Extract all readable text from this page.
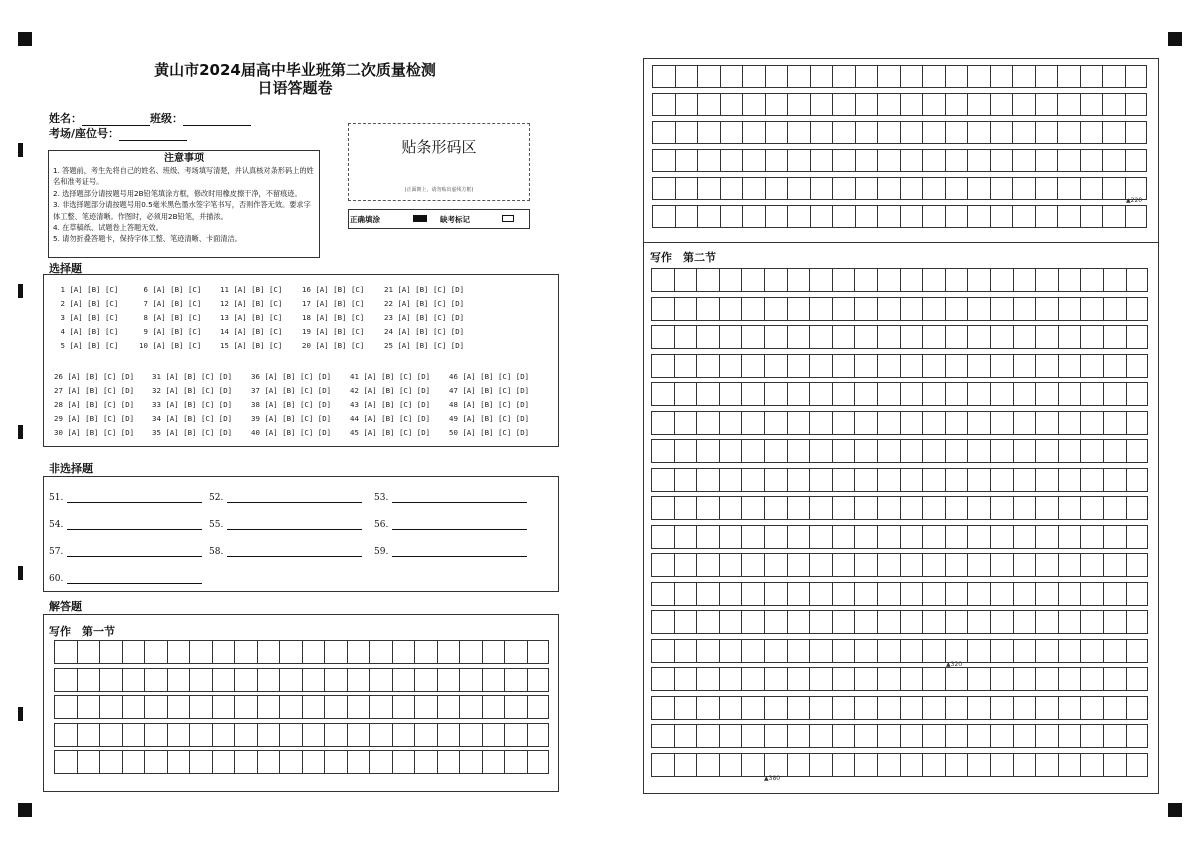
黄山市2024届高中毕业班第二次质量检测
日语答题卷
姓名：	班级：
考场/座位号：
注意事项
1. 答题前，考生先将自己的姓名、班级、考场填写清楚，并认真核对条形码上的姓名和准考证号。
2. 选择题部分请按题号用2B铅笔填涂方框，修改时用橡皮擦干净，不留痕迹。
3. 非选择题部分请按题号用0.5毫米黑色墨水签字笔书写，否则作答无效。要求字体工整、笔迹清晰。作图时，必须用2B铅笔，并描浓。
4. 在草稿纸、试题卷上答题无效。
5. 请勿折叠答题卡，保持字体工整、笔迹清晰、卡面清洁。
贴条形码区
(正面朝上，请勿贴出虚线方框)
正确填涂	缺考标记
选择题
1 [A] [B] [C]
2 [A] [B] [C]
3 [A] [B] [C]
4 [A] [B] [C]
5 [A] [B] [C]
6 [A] [B] [C]
7 [A] [B] [C]
8 [A] [B] [C]
9 [A] [B] [C]
10 [A] [B] [C]
11 [A] [B] [C]
12 [A] [B] [C]
13 [A] [B] [C]
14 [A] [B] [C]
15 [A] [B] [C]
16 [A] [B] [C]
17 [A] [B] [C]
18 [A] [B] [C]
19 [A] [B] [C]
20 [A] [B] [C]
21 [A] [B] [C] [D]
22 [A] [B] [C] [D]
23 [A] [B] [C] [D]
24 [A] [B] [C] [D]
25 [A] [B] [C] [D]
26 [A] [B] [C] [D]
27 [A] [B] [C] [D]
28 [A] [B] [C] [D]
29 [A] [B] [C] [D]
30 [A] [B] [C] [D]
31 [A] [B] [C] [D]
32 [A] [B] [C] [D]
33 [A] [B] [C] [D]
34 [A] [B] [C] [D]
35 [A] [B] [C] [D]
36 [A] [B] [C] [D]
37 [A] [B] [C] [D]
38 [A] [B] [C] [D]
39 [A] [B] [C] [D]
40 [A] [B] [C] [D]
41 [A] [B] [C] [D]
42 [A] [B] [C] [D]
43 [A] [B] [C] [D]
44 [A] [B] [C] [D]
45 [A] [B] [C] [D]
46 [A] [B] [C] [D]
47 [A] [B] [C] [D]
48 [A] [B] [C] [D]
49 [A] [B] [C] [D]
50 [A] [B] [C] [D]
非选择题
51.	52.	53.
54.	55.	56.
57.	58.	59.
60.
解答题
写作　第一节
写作　第二节
▲220
▲320
▲380
